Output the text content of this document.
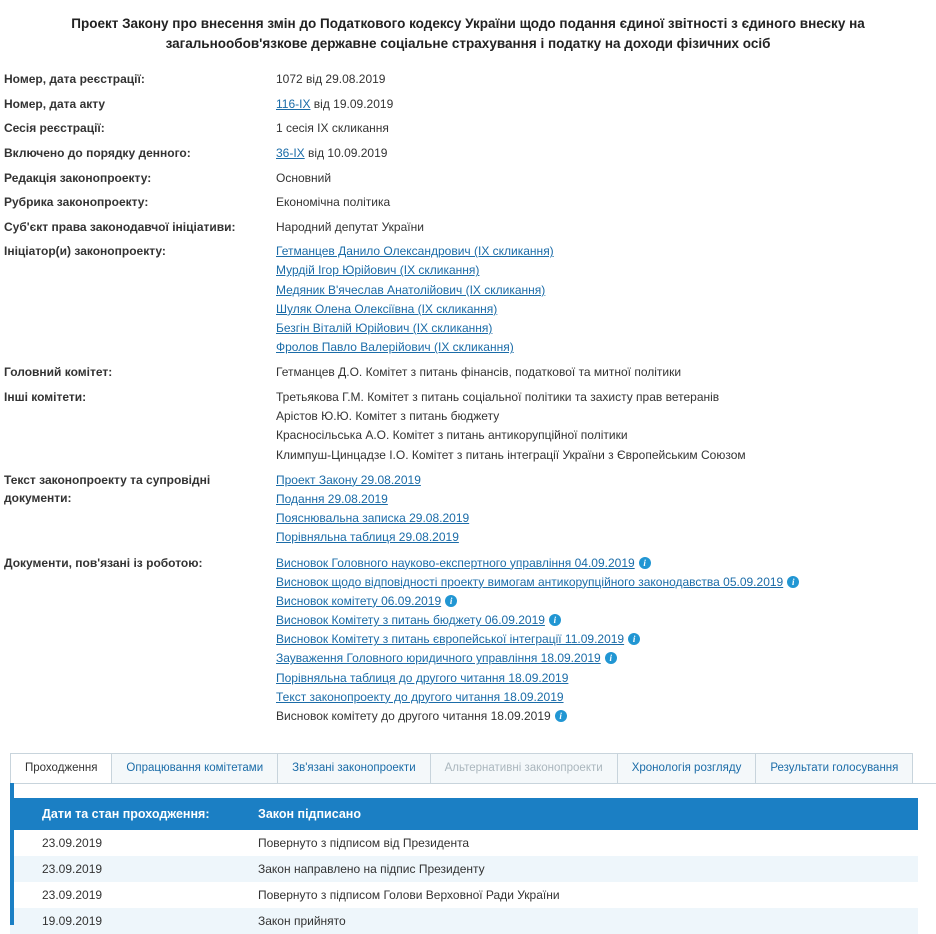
Проект Закону про внесення змін до Податкового кодексу України щодо подання єдиної звітності з єдиного внеску на загальнообов'язкове державне соціальне страхування і податку на доходи фізичних осіб
Номер, дата реєстрації:	1072 від 29.08.2019
Номер, дата акту	116-IX від 19.09.2019
Сесія реєстрації:	1 сесія IX скликання
Включено до порядку денного:	36-IX від 10.09.2019
Редакція законопроекту:	Основний
Рубрика законопроекту:	Економічна політика
Суб'єкт права законодавчої ініціативи:	Народний депутат України
Ініціатор(и) законопроекту:	Гетманцев Данило Олександрович (IX скликання)
Мурдій Ігор Юрійович (IX скликання)
Медяник В'ячеслав Анатолійович (IX скликання)
Шуляк Олена Олексіївна (IX скликання)
Безгін Віталій Юрійович (IX скликання)
Фролов Павло Валерійович (IX скликання)

Головний комітет:	Гетманцев Д.О. Комітет з питань фінансів, податкової та митної політики
Інші комітети:	Третьякова Г.М. Комітет з питань соціальної політики та захисту прав ветеранів
Арістов Ю.Ю. Комітет з питань бюджету
Красносільська А.О. Комітет з питань антикорупційної політики
Климпуш-Цинцадзе І.О. Комітет з питань інтеграції України з Європейським Союзом

Текст законопроекту та супровідні документи:	Проект Закону 29.08.2019
Подання 29.08.2019
Пояснювальна записка 29.08.2019
Порівняльна таблиця 29.08.2019

Документи, пов'язані із роботою:	Висновок Головного науково-експертного управління 04.09.2019 i
Висновок щодо відповідності проекту вимогам антикорупційного законодавства 05.09.2019 i
Висновок комітету 06.09.2019 i
Висновок Комітету з питань бюджету 06.09.2019 i
Висновок Комітету з питань європейської інтеграції 11.09.2019 i
Зауваження Головного юридичного управління 18.09.2019 i
Порівняльна таблиця до другого читання 18.09.2019
Текст законопроекту до другого читання 18.09.2019
Висновок комітету до другого читання 18.09.2019 i
Проходження	Опрацювання комітетами	Зв'язані законопроекти	Альтернативні законопроекти	Хронологія розгляду	Результати голосування
Дати та стан проходження:	Закон підписано
23.09.2019	Повернуто з підписом від Президента
23.09.2019	Закон направлено на підпис Президенту
23.09.2019	Повернуто з підписом Голови Верховної Ради України
19.09.2019	Закон прийнято
